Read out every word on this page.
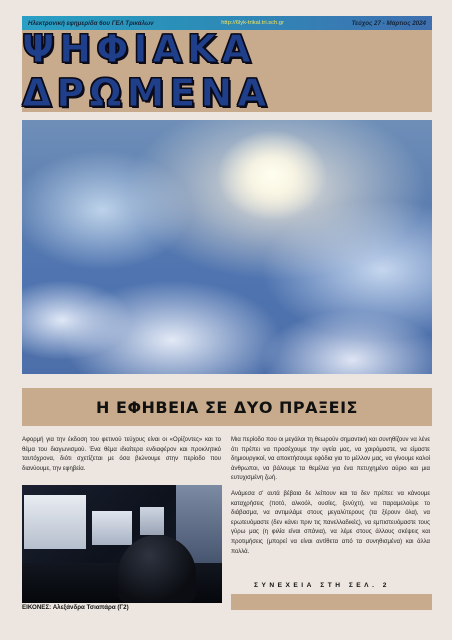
Ηλεκτρονική εφημερίδα 6ου ΓΕΛ Τρικάλων	http://6lyk-trikal.tri.sch.gr	Τεύχος 27 - Μάρτιος 2024
ΨΗΦΙΑΚΑ ΔΡΩΜΕΝΑ
Η ΕΦΗΒΕΙΑ ΣΕ ΔΥΟ ΠΡΑΞΕΙΣ
Αφορμή για την έκδοση του φετινού τεύχους είναι οι «Ορίζοντες» και το θέμα του διαγωνισμού. Ένα θέμα ιδιαίτερα ενδιαφέρον και προκλητικό ταυτόχρονα, διότι σχετίζεται με όσα βιώνουμε στην περίοδο που διανύουμε, την εφηβεία.

Μια περίοδο που οι μεγάλοι τη θεωρούν σημαντική και συνηθίζουν να λένε ότι πρέπει να προσέχουμε την υγεία μας, να χαιρόμαστε, να είμαστε δημιουργικοί, να αποκτήσουμε εφόδια για το μέλλον μας, να γίνουμε καλοί άνθρωποι, να βάλουμε τα θεμέλια για ένα πετυχημένο αύριο και μια ευτυχισμένη ζωή.

Ανάμεσα σ' αυτά βέβαια δε λείπουν και τα δεν πρέπει: να κάνουμε καταχρήσεις (ποτό, αλκοόλ, ουσίες, ξενύχτι), να παραμελούμε το διάβασμα, να αντιμιλάμε στους μεγαλύτερους (τα ξέρουν όλα), να ερωτευόμαστε (δεν κάνει πριν τις πανελλαδικές), να εμπιστευόμαστε τους γύρω μας (η φιλία είναι σπάνια), να λέμε στους άλλους σκέψεις και προτιμήσεις (μπορεί να είναι αντίθετα από τα συνηθισμένα) και άλλα πολλά.

ΣΥΝΕΧΕΙΑ ΣΤΗ ΣΕΛ. 2
ΕΙΚΟΝΕΣ: Αλεξάνδρα Τσιαπάρα (Γ2)
